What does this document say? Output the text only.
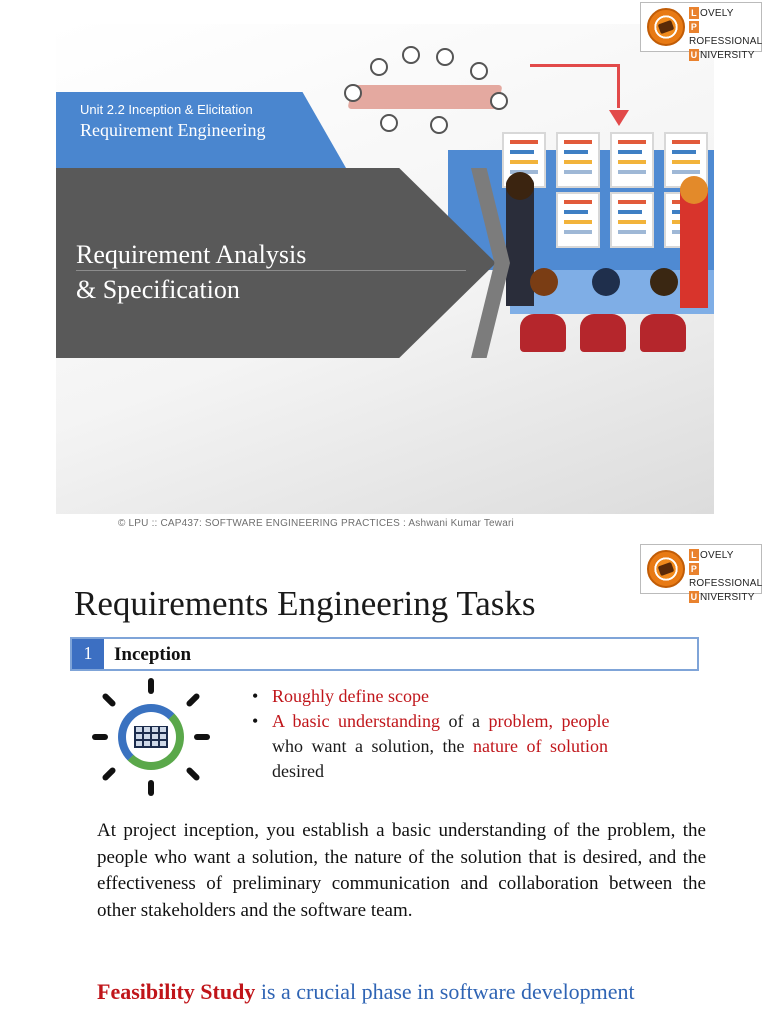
L OVELY
PROFESSIONAL
U NIVERSITY
Unit 2.2 Inception & Elicitation
Requirement Engineering
Requirement Analysis
& Specification
© LPU :: CAP437: SOFTWARE ENGINEERING PRACTICES : Ashwani Kumar Tewari
L OVELY
PROFESSIONAL
U NIVERSITY
Requirements Engineering Tasks
1	Inception
• Roughly define scope
• A basic understanding of a problem, people
who want a solution, the nature of solution
desired
At project inception, you establish a basic understanding of the problem, the people who want a solution, the nature of the solution that is desired, and the effectiveness of preliminary communication and collaboration between the other stakeholders and the software team.
Feasibility Study is a crucial phase in software development
